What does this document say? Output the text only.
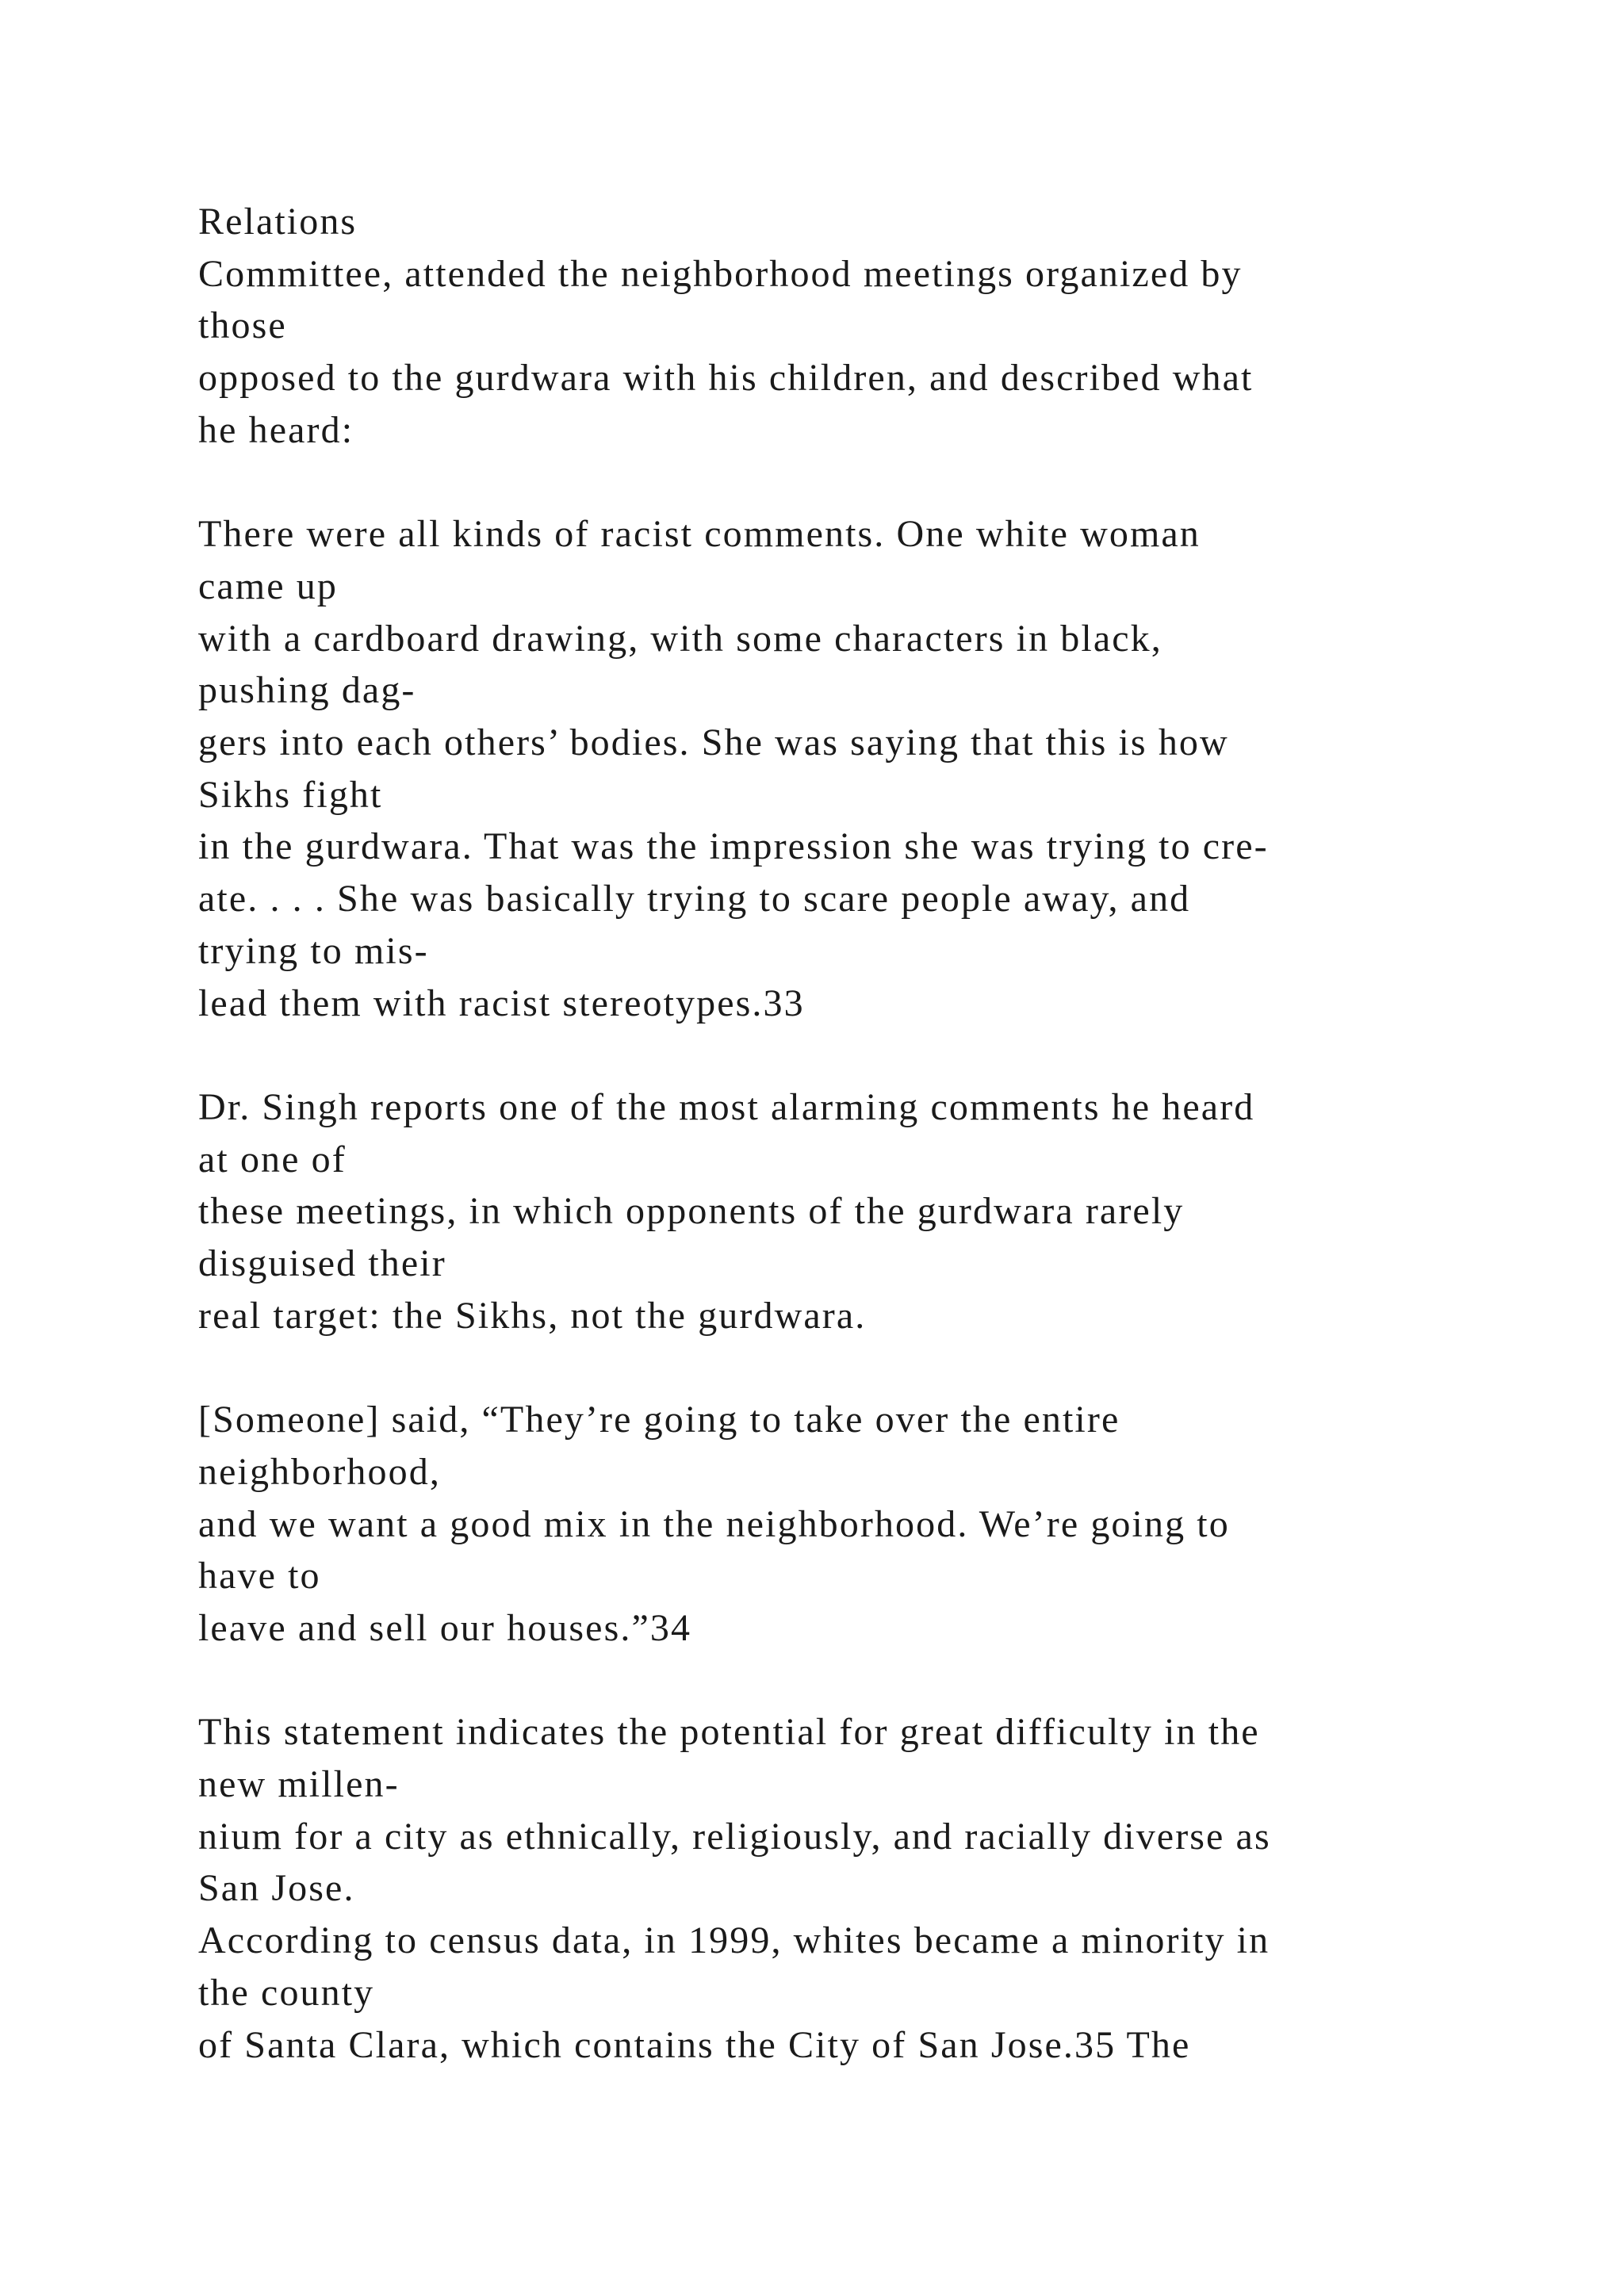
Relations
Committee, attended the neighborhood meetings organized by
those
opposed to the gurdwara with his children, and described what
he heard:
There were all kinds of racist comments. One white woman
came up
with a cardboard drawing, with some characters in black,
pushing dag-
gers into each others’ bodies. She was saying that this is how
Sikhs fight
in the gurdwara. That was the impression she was trying to cre-
ate. . . . She was basically trying to scare people away, and
trying to mis-
lead them with racist stereotypes.33
Dr. Singh reports one of the most alarming comments he heard
at one of
these meetings, in which opponents of the gurdwara rarely
disguised their
real target: the Sikhs, not the gurdwara.
[Someone] said, “They’re going to take over the entire
neighborhood,
and we want a good mix in the neighborhood. We’re going to
have to
leave and sell our houses.”34
This statement indicates the potential for great difficulty in the
new millen-
nium for a city as ethnically, religiously, and racially diverse as
San Jose.
According to census data, in 1999, whites became a minority in
the county
of Santa Clara, which contains the City of San Jose.35 The
